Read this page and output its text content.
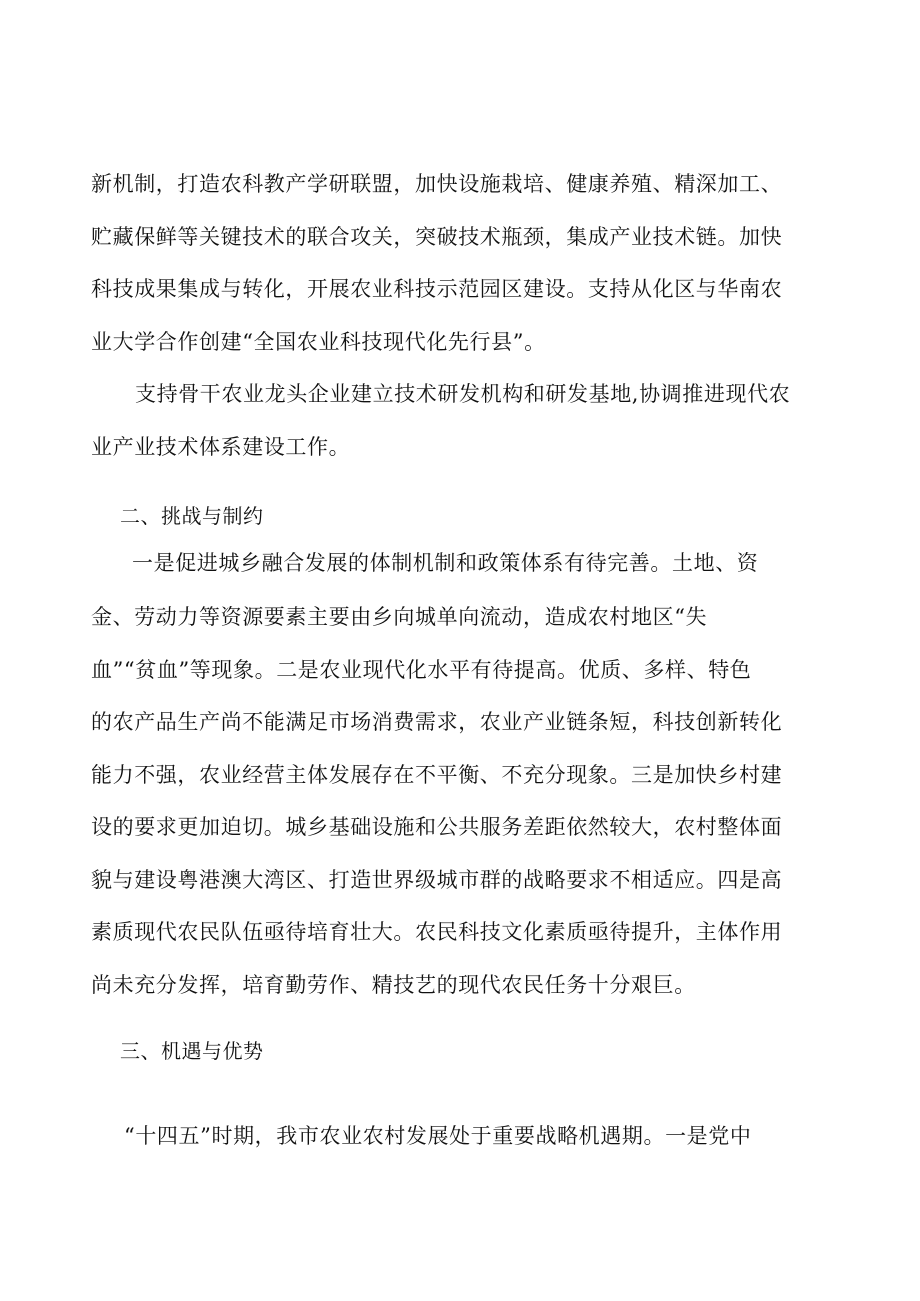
新机制，打造农科教产学研联盟，加快设施栽培、健康养殖、精深加工、
贮藏保鲜等关键技术的联合攻关，突破技术瓶颈，集成产业技术链。加快
科技成果集成与转化，开展农业科技示范园区建设。支持从化区与华南农
业大学合作创建“全国农业科技现代化先行县”。
支持骨干农业龙头企业建立技术研发机构和研发基地,协调推进现代农
业产业技术体系建设工作。
二、挑战与制约
一是促进城乡融合发展的体制机制和政策体系有待完善。土地、资
金、劳动力等资源要素主要由乡向城单向流动，造成农村地区“失
血”“贫血”等现象。二是农业现代化水平有待提高。优质、多样、特色
的农产品生产尚不能满足市场消费需求，农业产业链条短，科技创新转化
能力不强，农业经营主体发展存在不平衡、不充分现象。三是加快乡村建
设的要求更加迫切。城乡基础设施和公共服务差距依然较大，农村整体面
貌与建设粤港澳大湾区、打造世界级城市群的战略要求不相适应。四是高
素质现代农民队伍亟待培育壮大。农民科技文化素质亟待提升，主体作用
尚未充分发挥，培育勤劳作、精技艺的现代农民任务十分艰巨。
三、机遇与优势
“十四五”时期，我市农业农村发展处于重要战略机遇期。一是党中
